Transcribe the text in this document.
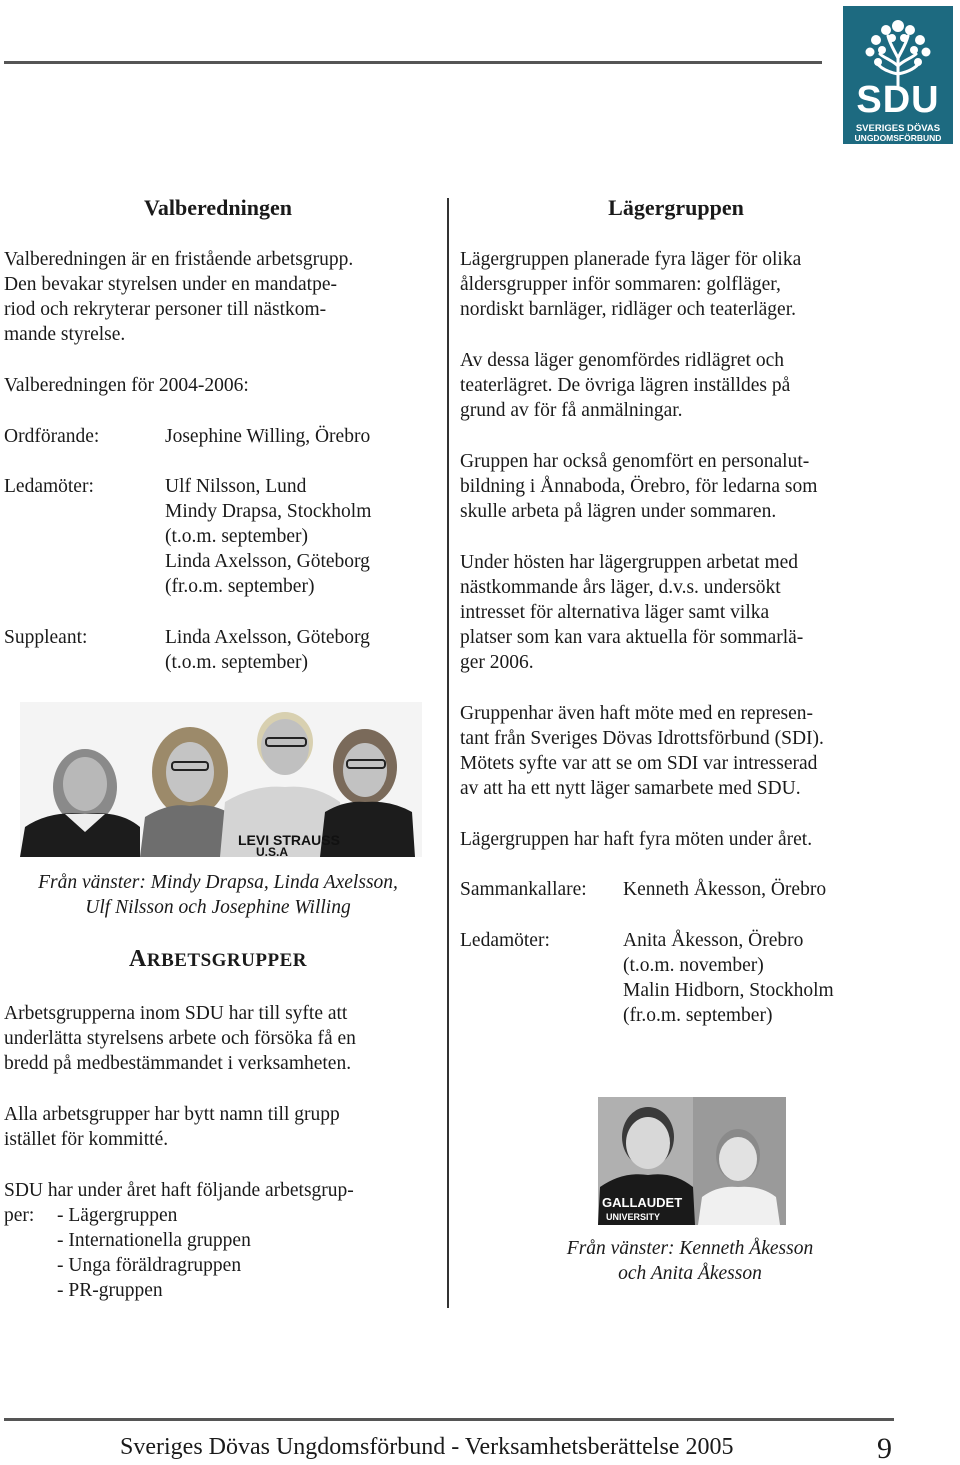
SDU
SVERIGES DÖVAS
UNGDOMSFÖRBUND
Valberedningen
Valberedningen är en fristående arbetsgrupp.
Den bevakar styrelsen under en mandatpe-
riod och rekryterar personer till nästkom-
mande styrelse.
Valberedningen för 2004-2006:
Ordförande:	Josephine Willing, Örebro
Ledamöter:	Ulf Nilsson, Lund
Mindy Drapsa, Stockholm
(t.o.m. september)
Linda Axelsson, Göteborg
(fr.o.m. september)
Suppleant:	Linda Axelsson, Göteborg
(t.o.m. september)
LEVI STRAUSS
U.S.A
Från vänster: Mindy Drapsa, Linda Axelsson,
Ulf Nilsson och Josephine Willing
ARBETSGRUPPER
Arbetsgrupperna inom SDU har till syfte att
underlätta styrelsens arbete och försöka få en
bredd på medbestämmandet i verksamheten.
Alla arbetsgrupper har bytt namn till grupp
istället för kommitté.
SDU har under året haft följande arbetsgrup-
per: - Lägergruppen
- Internationella gruppen
- Unga föräldragruppen
- PR-gruppen
Lägergruppen
Lägergruppen planerade fyra läger för olika
åldersgrupper inför sommaren: golfläger,
nordiskt barnläger, ridläger och teaterläger.
Av dessa läger genomfördes ridlägret och
teaterlägret. De övriga lägren inställdes på
grund av för få anmälningar.
Gruppen har också genomfört en personalut-
bildning i Ånnaboda, Örebro, för ledarna som
skulle arbeta på lägren under sommaren.
Under hösten har lägergruppen arbetat med
nästkommande års läger, d.v.s. undersökt
intresset för alternativa läger samt vilka
platser som kan vara aktuella för sommarlä-
ger 2006.
Gruppenhar även haft möte med en represen-
tant från Sveriges Dövas Idrottsförbund (SDI).
Mötets syfte var att se om SDI var intresserad
av att ha ett nytt läger samarbete med SDU.
Lägergruppen har haft fyra möten under året.
Sammankallare: Kenneth Åkesson, Örebro
Ledamöter:	Anita Åkesson, Örebro
(t.o.m. november)
Malin Hidborn, Stockholm
(fr.o.m. september)
GALLAUDET
UNIVERSITY
Från vänster: Kenneth Åkesson
och Anita Åkesson
Sveriges Dövas Ungdomsförbund - Verksamhetsberättelse 2005	9
